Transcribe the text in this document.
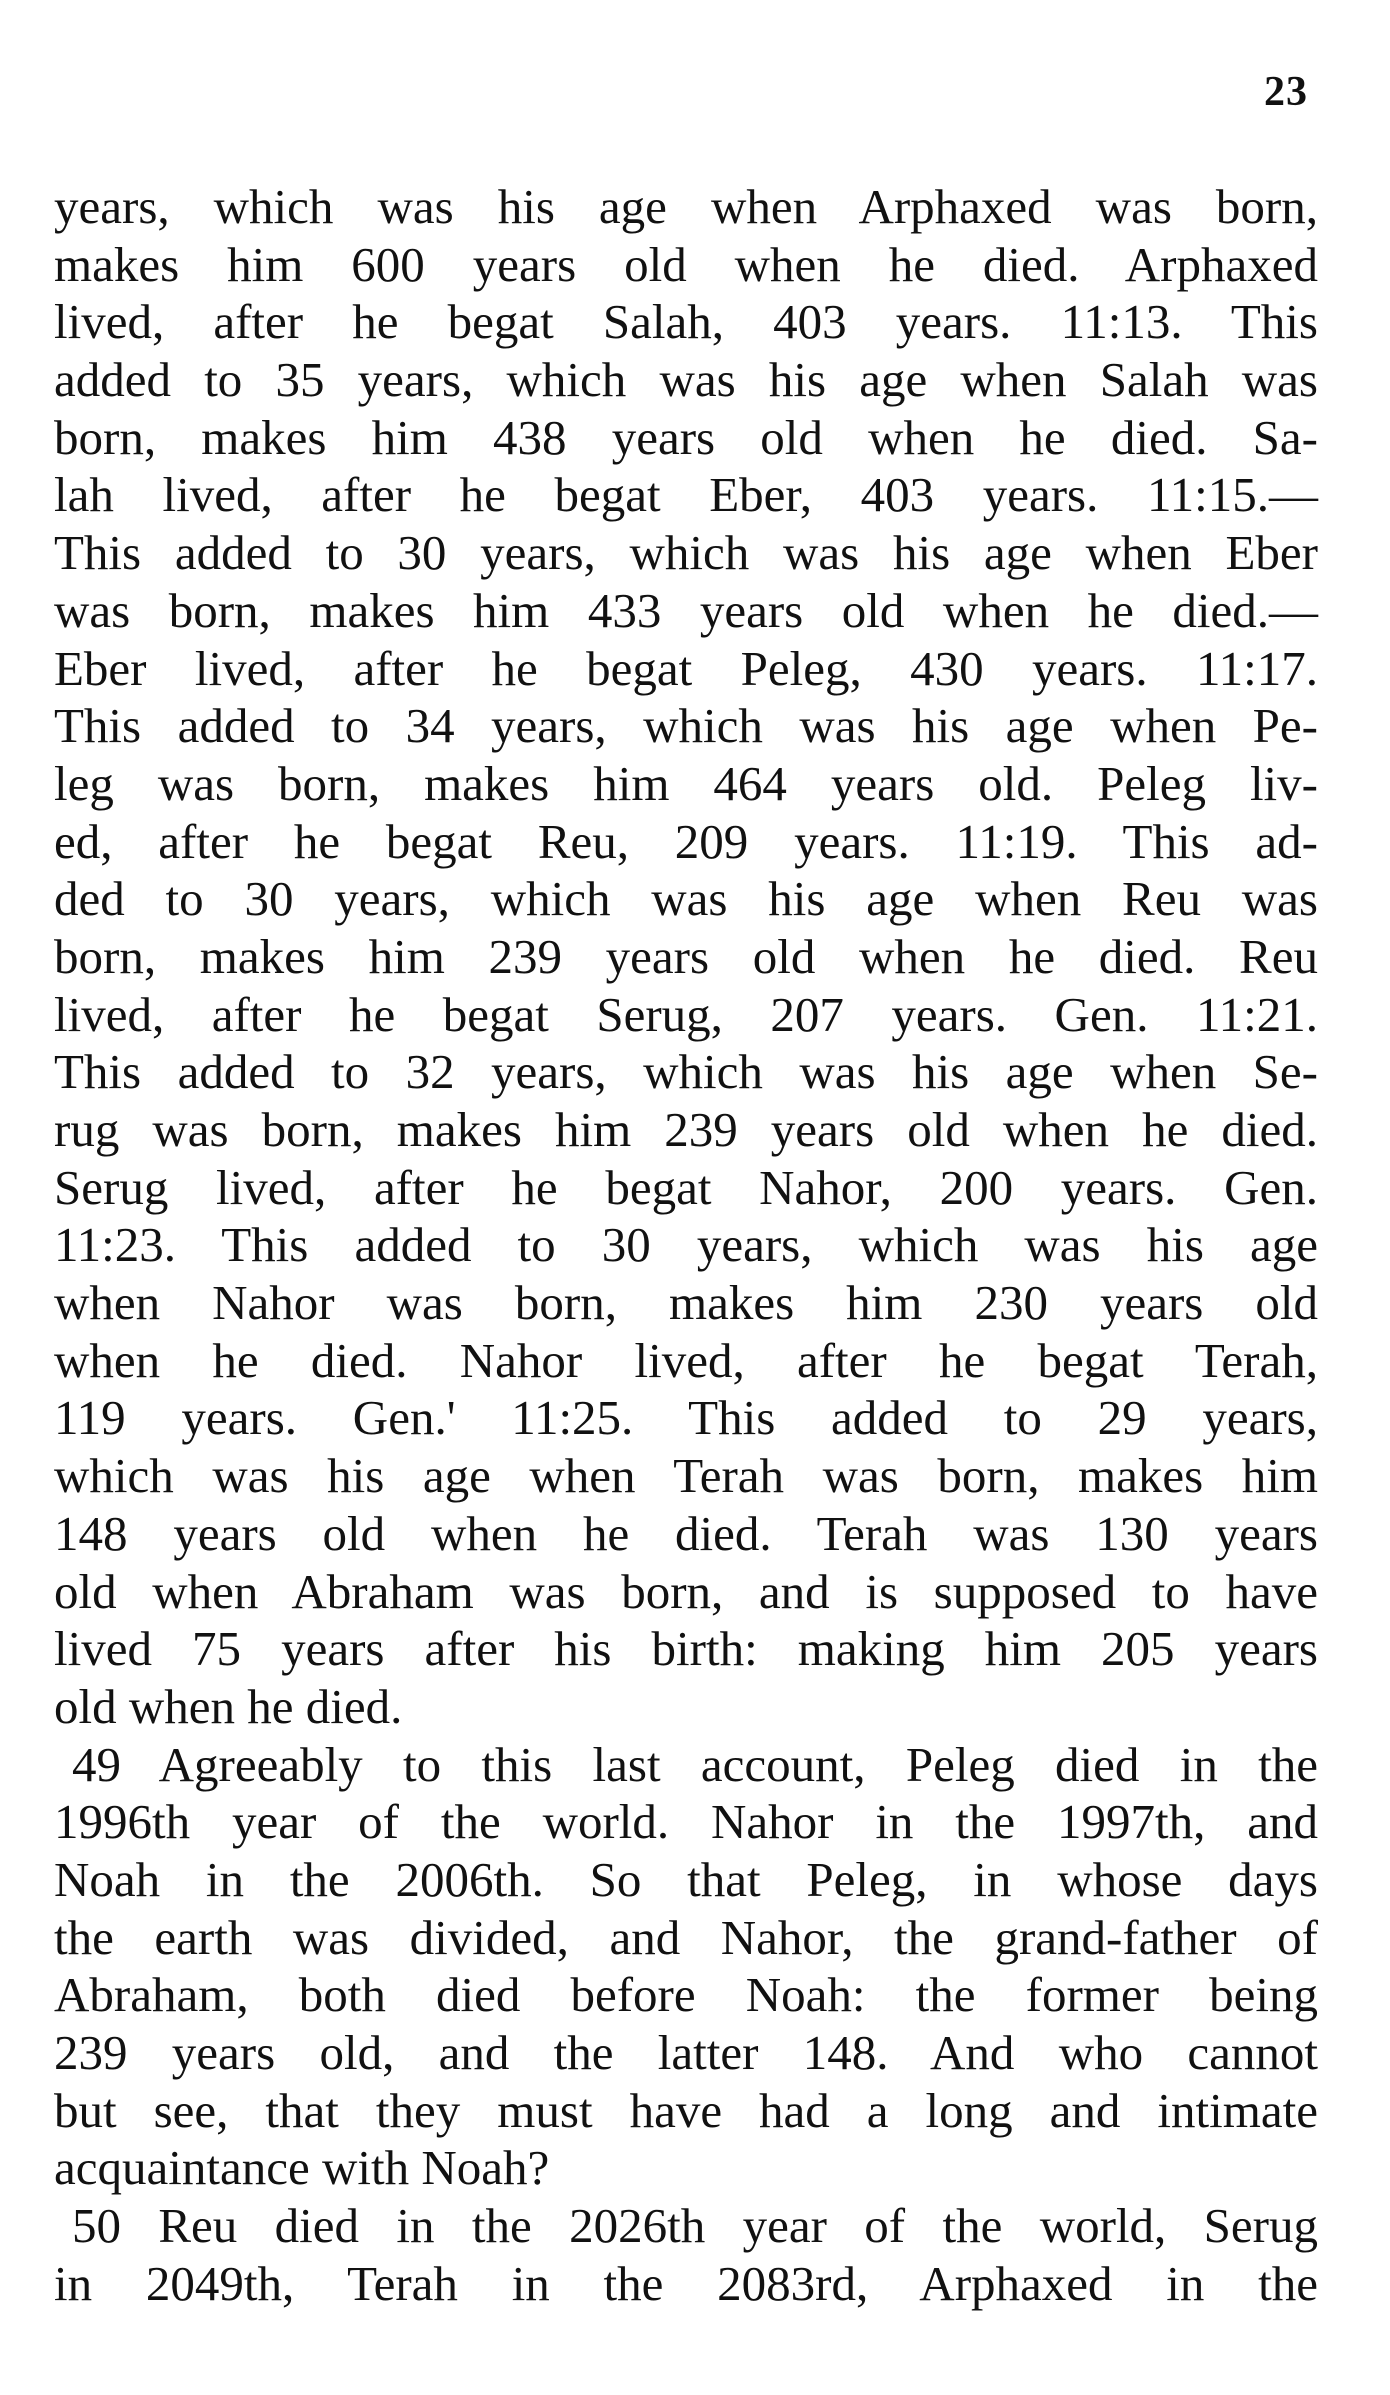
23
years, which was his age when Arphaxed was born,
makes him 600 years old when he died. Arphaxed
lived, after he begat Salah, 403 years. 11:13. This
added to 35 years, which was his age when Salah was
born, makes him 438 years old when he died. Sa-
lah lived, after he begat Eber, 403 years. 11:15.—
This added to 30 years, which was his age when Eber
was born, makes him 433 years old when he died.—
Eber lived, after he begat Peleg, 430 years. 11:17.
This added to 34 years, which was his age when Pe-
leg was born, makes him 464 years old. Peleg liv-
ed, after he begat Reu, 209 years. 11:19. This ad-
ded to 30 years, which was his age when Reu was
born, makes him 239 years old when he died. Reu
lived, after he begat Serug, 207 years. Gen. 11:21.
This added to 32 years, which was his age when Se-
rug was born, makes him 239 years old when he died.
Serug lived, after he begat Nahor, 200 years. Gen.
11:23. This added to 30 years, which was his age
when Nahor was born, makes him 230 years old
when he died. Nahor lived, after he begat Terah,
119 years. Gen.' 11:25. This added to 29 years,
which was his age when Terah was born, makes him
148 years old when he died. Terah was 130 years
old when Abraham was born, and is supposed to have
lived 75 years after his birth: making him 205 years
old when he died.
49 Agreeably to this last account, Peleg died in the
1996th year of the world. Nahor in the 1997th, and
Noah in the 2006th. So that Peleg, in whose days
the earth was divided, and Nahor, the grand-father of
Abraham, both died before Noah: the former being
239 years old, and the latter 148. And who cannot
but see, that they must have had a long and intimate
acquaintance with Noah?
50 Reu died in the 2026th year of the world, Serug
in 2049th, Terah in the 2083rd, Arphaxed in the
